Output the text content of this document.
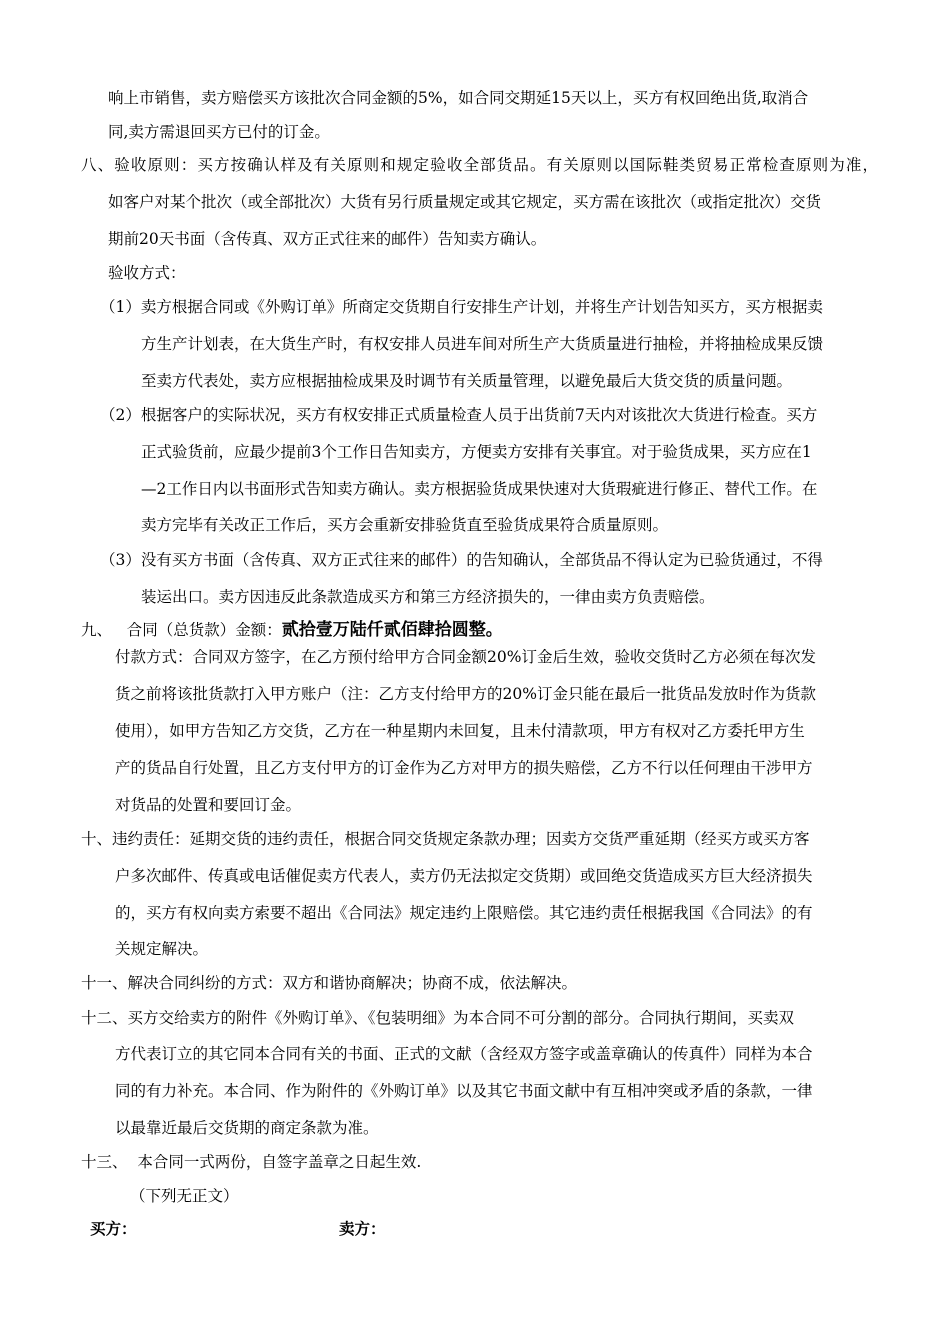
响上市销售，卖方赔偿买方该批次合同金额的5%，如合同交期延15天以上，买方有权回绝出货,取消合
同,卖方需退回买方已付的订金。
八、验收原则：买方按确认样及有关原则和规定验收全部货品。有关原则以国际鞋类贸易正常检查原则为准，
如客户对某个批次（或全部批次）大货有另行质量规定或其它规定，买方需在该批次（或指定批次）交货
期前20天书面（含传真、双方正式往来的邮件）告知卖方确认。
验收方式：
（1）卖方根据合同或《外购订单》所商定交货期自行安排生产计划，并将生产计划告知买方，买方根据卖
方生产计划表，在大货生产时，有权安排人员进车间对所生产大货质量进行抽检，并将抽检成果反馈
至卖方代表处，卖方应根据抽检成果及时调节有关质量管理，以避免最后大货交货的质量问题。
（2）根据客户的实际状况，买方有权安排正式质量检查人员于出货前7天内对该批次大货进行检查。买方
正式验货前，应最少提前3个工作日告知卖方，方便卖方安排有关事宜。对于验货成果，买方应在1
—2工作日内以书面形式告知卖方确认。卖方根据验货成果快速对大货瑕疵进行修正、替代工作。在
卖方完毕有关改正工作后，买方会重新安排验货直至验货成果符合质量原则。
（3）没有买方书面（含传真、双方正式往来的邮件）的告知确认，全部货品不得认定为已验货通过，不得
装运出口。卖方因违反此条款造成买方和第三方经济损失的，一律由卖方负责赔偿。
九、   合同（总货款）金额：贰拾壹万陆仟贰佰肆拾圆整。
付款方式：合同双方签字，在乙方预付给甲方合同金额20%订金后生效，验收交货时乙方必须在每次发
货之前将该批货款打入甲方账户（注：乙方支付给甲方的20%订金只能在最后一批货品发放时作为货款
使用），如甲方告知乙方交货，乙方在一种星期内未回复，且未付清款项，甲方有权对乙方委托甲方生
产的货品自行处置，且乙方支付甲方的订金作为乙方对甲方的损失赔偿，乙方不行以任何理由干涉甲方
对货品的处置和要回订金。
十、违约责任：延期交货的违约责任，根据合同交货规定条款办理；因卖方交货严重延期（经买方或买方客
户多次邮件、传真或电话催促卖方代表人，卖方仍无法拟定交货期）或回绝交货造成买方巨大经济损失
的，买方有权向卖方索要不超出《合同法》规定违约上限赔偿。其它违约责任根据我国《合同法》的有
关规定解决。
十一、解决合同纠纷的方式：双方和谐协商解决；协商不成，依法解决。
十二、买方交给卖方的附件《外购订单》、《包装明细》为本合同不可分割的部分。合同执行期间，买卖双
方代表订立的其它同本合同有关的书面、正式的文献（含经双方签字或盖章确认的传真件）同样为本合
同的有力补充。本合同、作为附件的《外购订单》以及其它书面文献中有互相冲突或矛盾的条款，一律
以最靠近最后交货期的商定条款为准。
十三、  本合同一式两份，自签字盖章之日起生效.
（下列无正文）
买方：	卖方：
